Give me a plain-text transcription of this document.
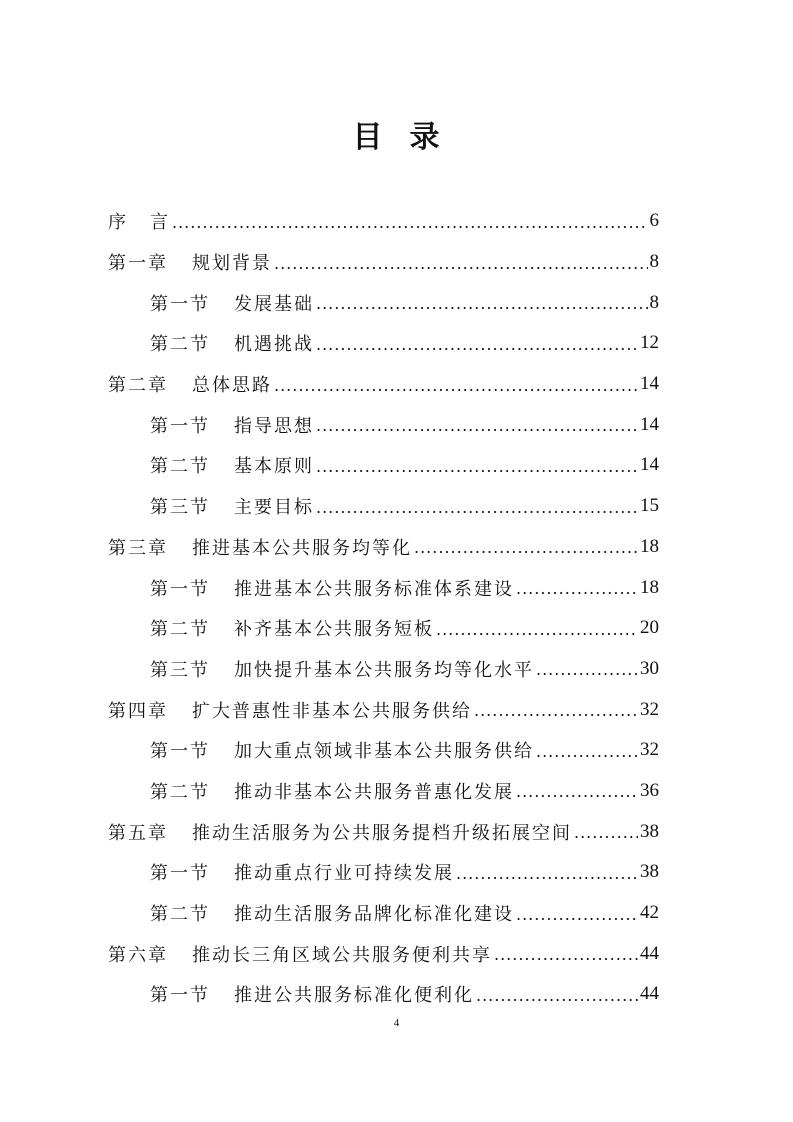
目 录
序 言 .....	6
第一章 规划背景 .....	8
第一节 发展基础 .....	8
第二节 机遇挑战 .....	12
第二章 总体思路 .....	14
第一节 指导思想 .....	14
第二节 基本原则 .....	14
第三节 主要目标 .....	15
第三章 推进基本公共服务均等化 .....	18
第一节 推进基本公共服务标准体系建设 .....	18
第二节 补齐基本公共服务短板 .....	20
第三节 加快提升基本公共服务均等化水平 .....	30
第四章 扩大普惠性非基本公共服务供给 .....	32
第一节 加大重点领域非基本公共服务供给 .....	32
第二节 推动非基本公共服务普惠化发展 .....	36
第五章 推动生活服务为公共服务提档升级拓展空间 .....	38
第一节 推动重点行业可持续发展 .....	38
第二节 推动生活服务品牌化标准化建设 .....	42
第六章 推动长三角区域公共服务便利共享 .....	44
第一节 推进公共服务标准化便利化 .....	44
4
